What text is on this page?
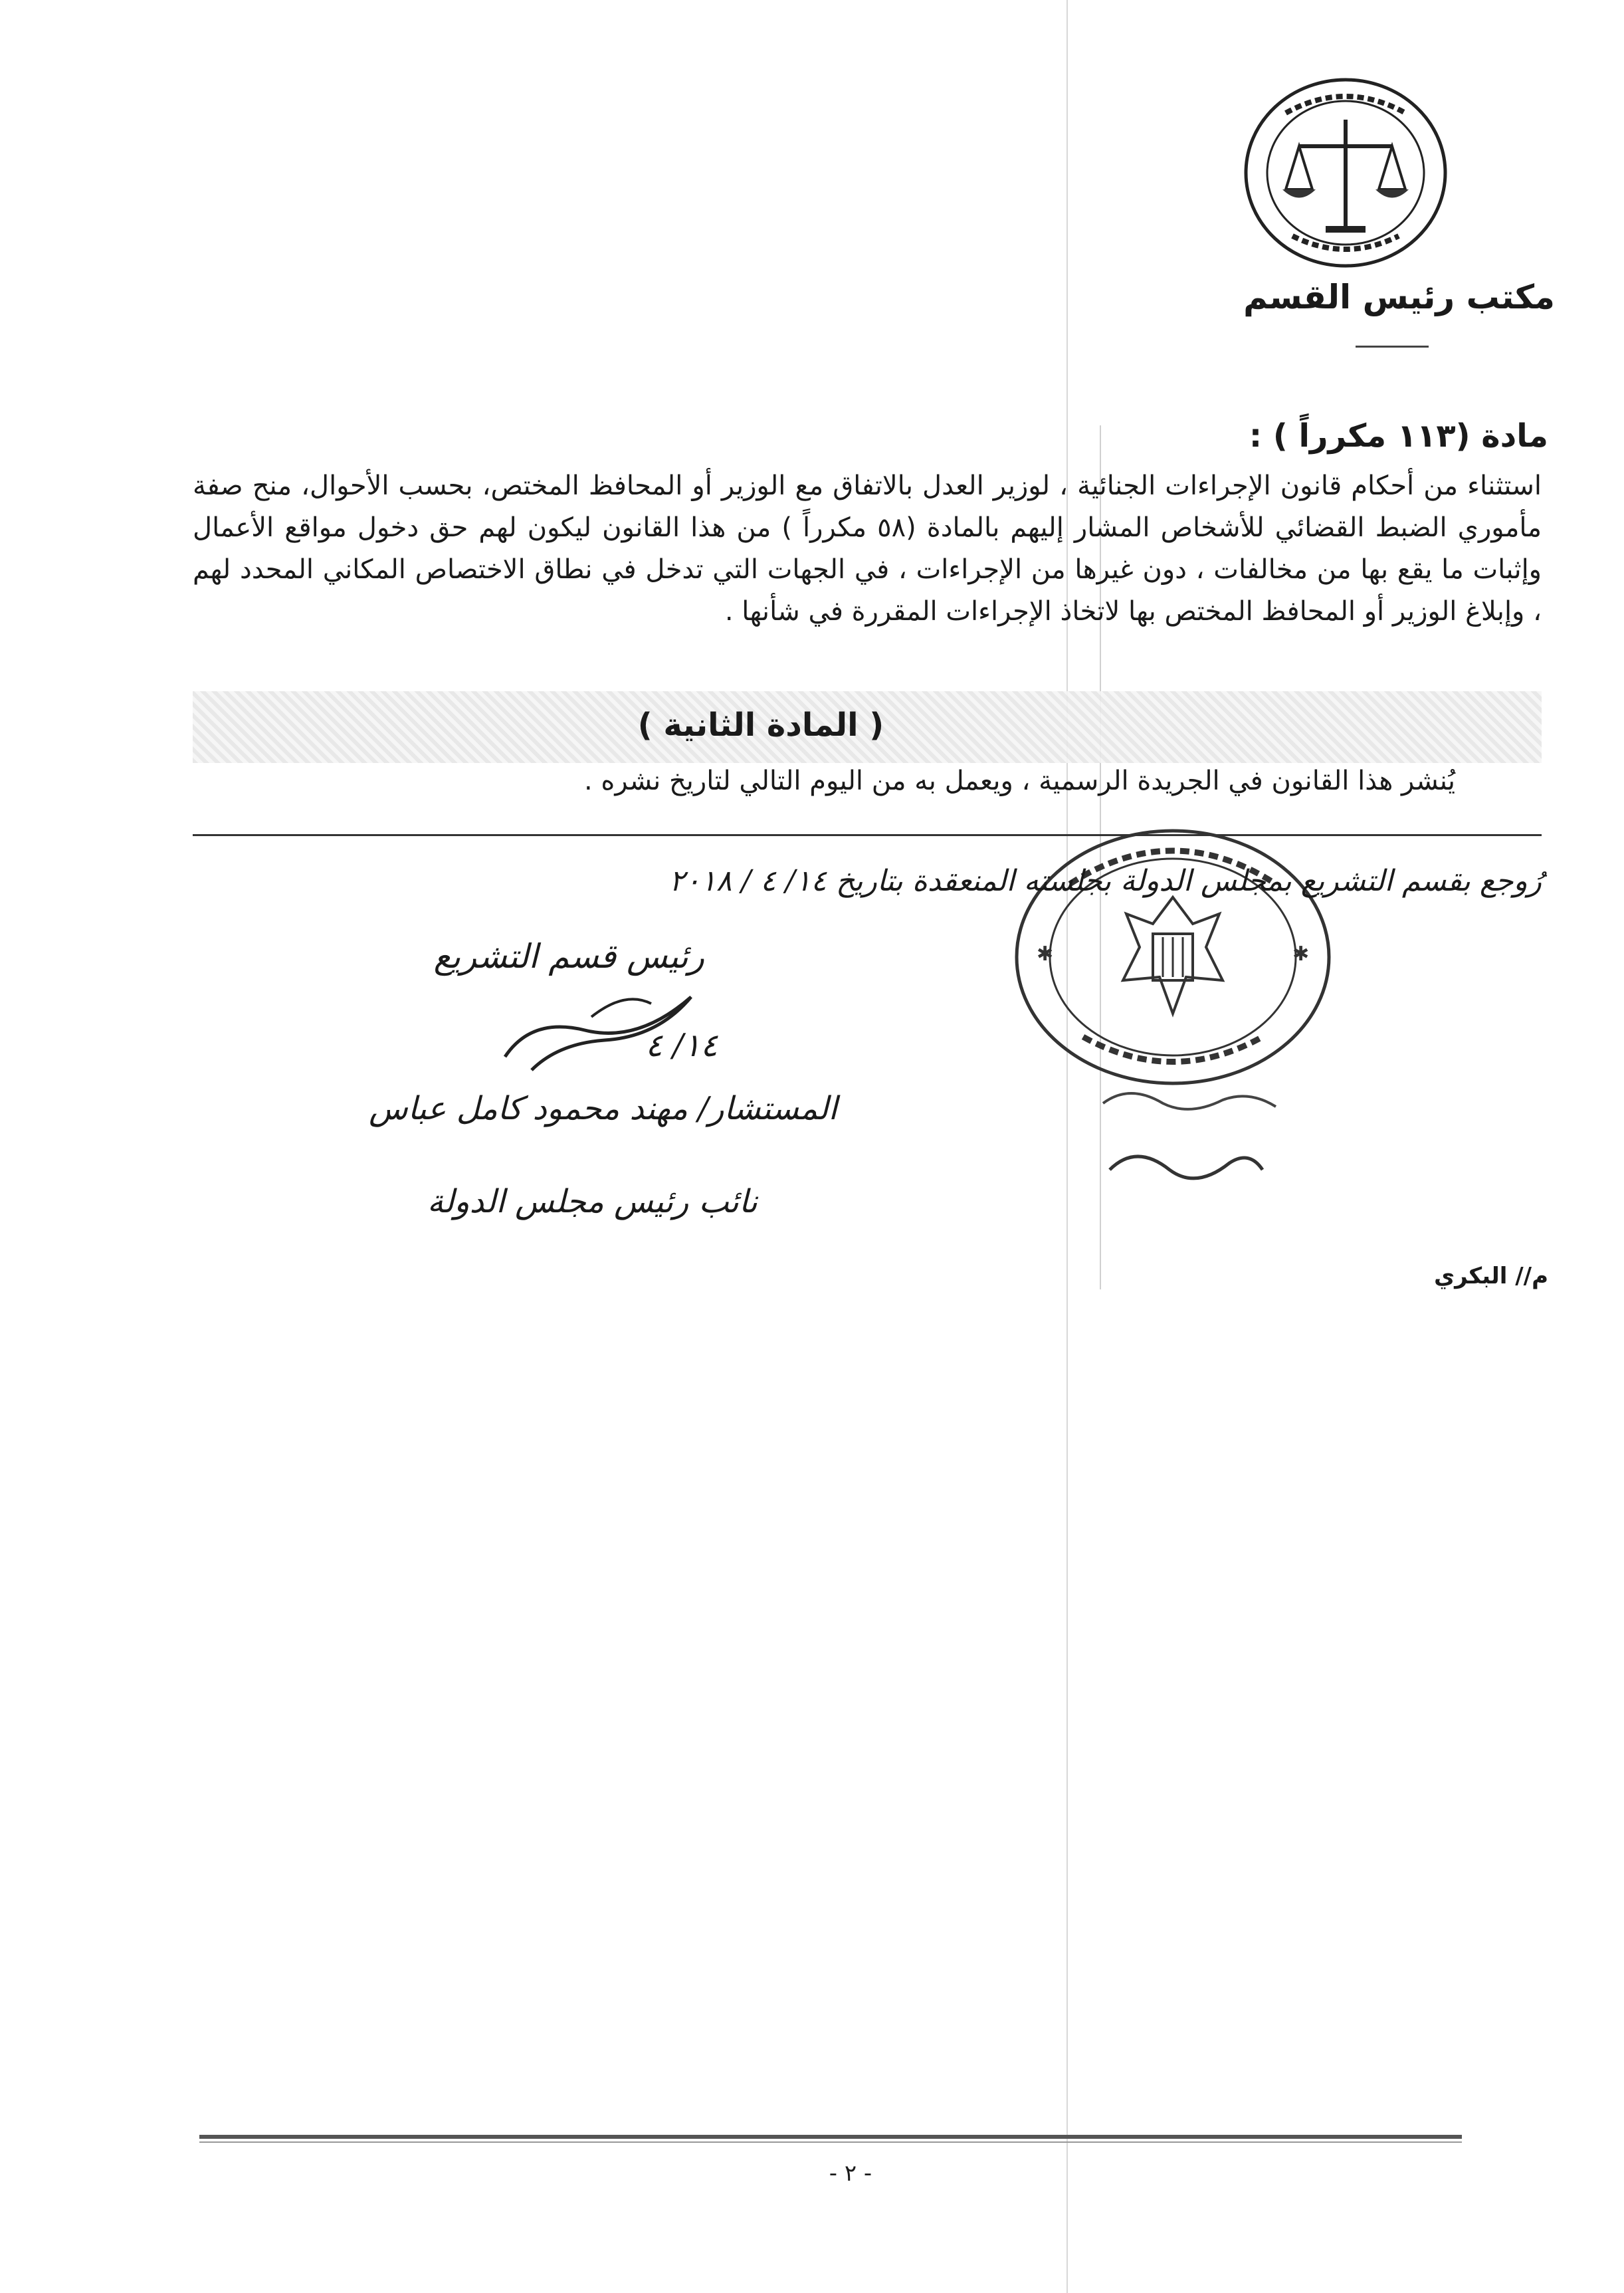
مكتب رئيس القسم
مادة (١١٣ مكرراً ) :
استثناء من أحكام قانون الإجراءات الجنائية ، لوزير العدل بالاتفاق مع الوزير أو المحافظ المختص، بحسب الأحوال، منح صفة مأموري الضبط القضائي للأشخاص المشار إليهم بالمادة (٥٨ مكرراً ) من هذا القانون ليكون لهم حق دخول مواقع الأعمال وإثبات ما يقع بها من مخالفات ، دون غيرها من الإجراءات ، في الجهات التي تدخل في نطاق الاختصاص المكاني المحدد لهم ، وإبلاغ الوزير أو المحافظ المختص بها لاتخاذ الإجراءات المقررة في شأنها .
( المادة الثانية )
يُنشر هذا القانون في الجريدة الرسمية ، ويعمل به من اليوم التالي لتاريخ نشره .
✱
✱
رُوجع بقسم التشريع بمجلس الدولة بجلسته المنعقدة بتاريخ ١٤/ ٤ / ٢٠١٨
رئيس قسم التشريع
١٤/ ٤
المستشار/ مهند محمود كامل عباس
نائب رئيس مجلس الدولة
م// البكري
- ٢ -
